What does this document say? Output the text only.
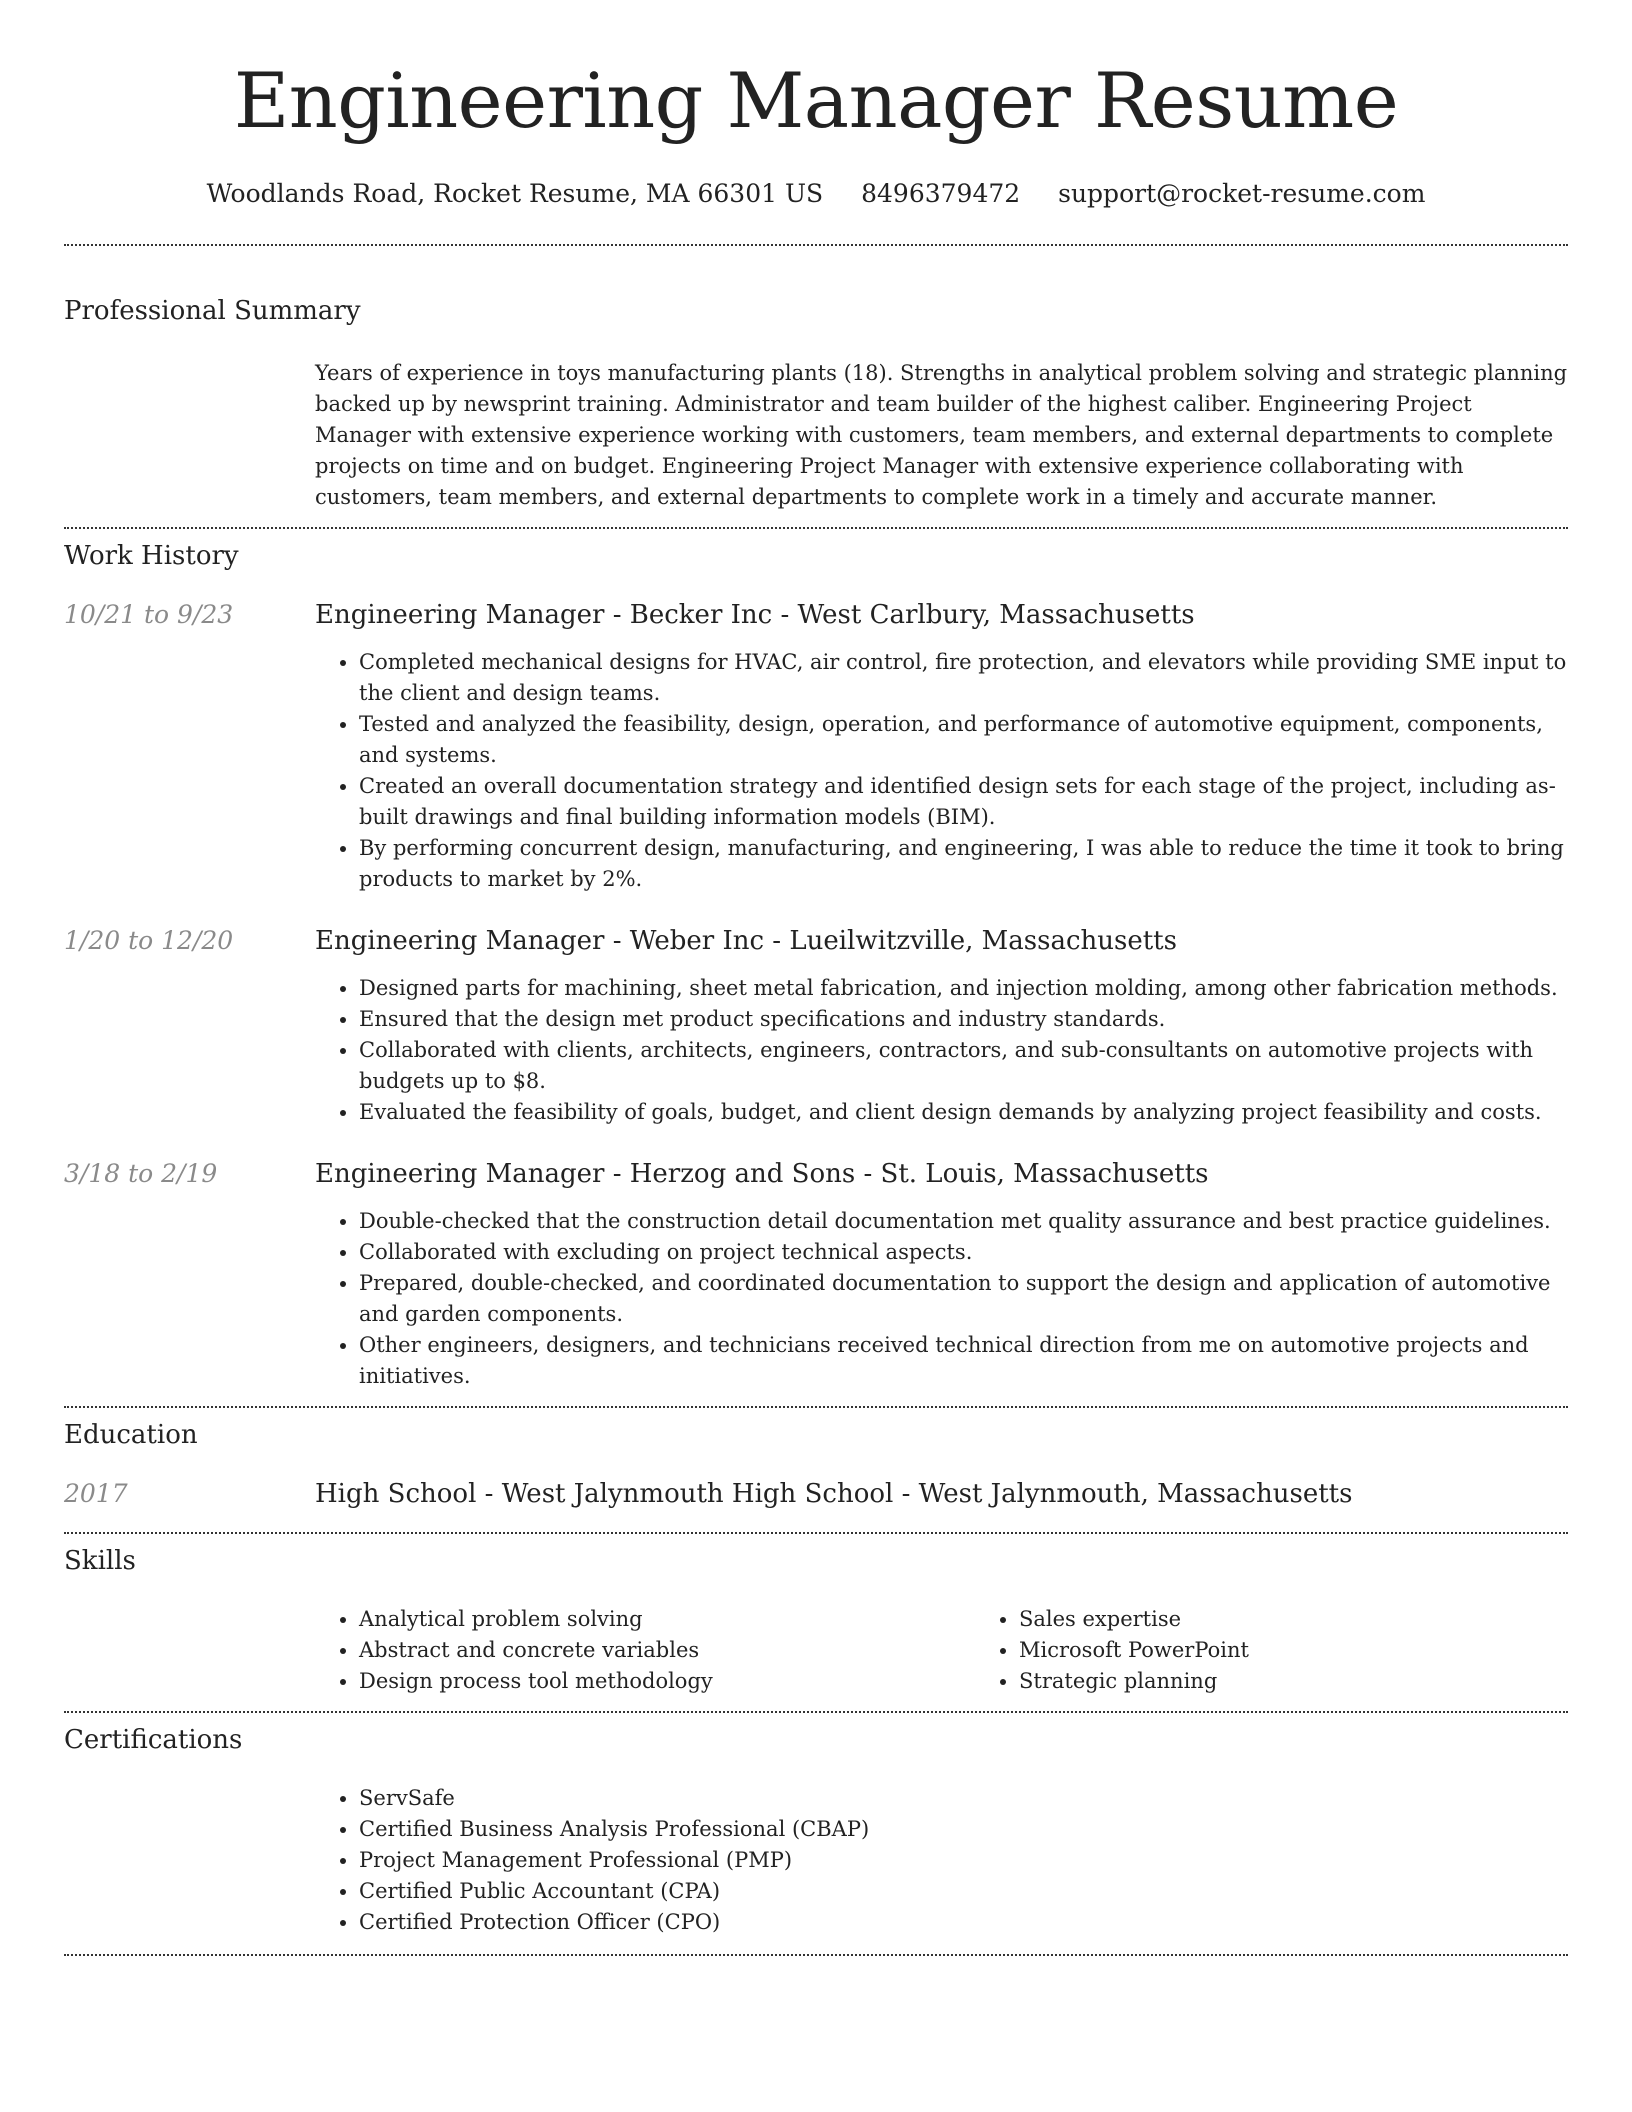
Engineering Manager Resume
Woodlands Road, Rocket Resume, MA 66301 US 8496379472 support@rocket-resume.com
Professional Summary

Years of experience in toys manufacturing plants (18). Strengths in analytical problem solving and strategic planning backed up by newsprint training. Administrator and team builder of the highest caliber. Engineering Project Manager with extensive experience working with customers, team members, and external departments to complete projects on time and on budget. Engineering Project Manager with extensive experience collaborating with customers, team members, and external departments to complete work in a timely and accurate manner.

Work History
10/21 to 9/23	Engineering Manager - Becker Inc - West Carlbury, Massachusetts
• Completed mechanical designs for HVAC, air control, fire protection, and elevators while providing SME input to the client and design teams.
• Tested and analyzed the feasibility, design, operation, and performance of automotive equipment, components, and systems.
• Created an overall documentation strategy and identified design sets for each stage of the project, including as-built drawings and final building information models (BIM).
• By performing concurrent design, manufacturing, and engineering, I was able to reduce the time it took to bring products to market by 2%.
1/20 to 12/20	Engineering Manager - Weber Inc - Lueilwitzville, Massachusetts
• Designed parts for machining, sheet metal fabrication, and injection molding, among other fabrication methods.
• Ensured that the design met product specifications and industry standards.
• Collaborated with clients, architects, engineers, contractors, and sub-consultants on automotive projects with budgets up to $8.
• Evaluated the feasibility of goals, budget, and client design demands by analyzing project feasibility and costs.
3/18 to 2/19	Engineering Manager - Herzog and Sons - St. Louis, Massachusetts
• Double-checked that the construction detail documentation met quality assurance and best practice guidelines.
• Collaborated with excluding on project technical aspects.
• Prepared, double-checked, and coordinated documentation to support the design and application of automotive and garden components.
• Other engineers, designers, and technicians received technical direction from me on automotive projects and initiatives.
Education
2017	High School - West Jalynmouth High School - West Jalynmouth, Massachusetts
Skills
• Analytical problem solving
• Abstract and concrete variables
• Design process tool methodology
• Sales expertise
• Microsoft PowerPoint
• Strategic planning
Certifications
• ServSafe
• Certified Business Analysis Professional (CBAP)
• Project Management Professional (PMP)
• Certified Public Accountant (CPA)
• Certified Protection Officer (CPO)
